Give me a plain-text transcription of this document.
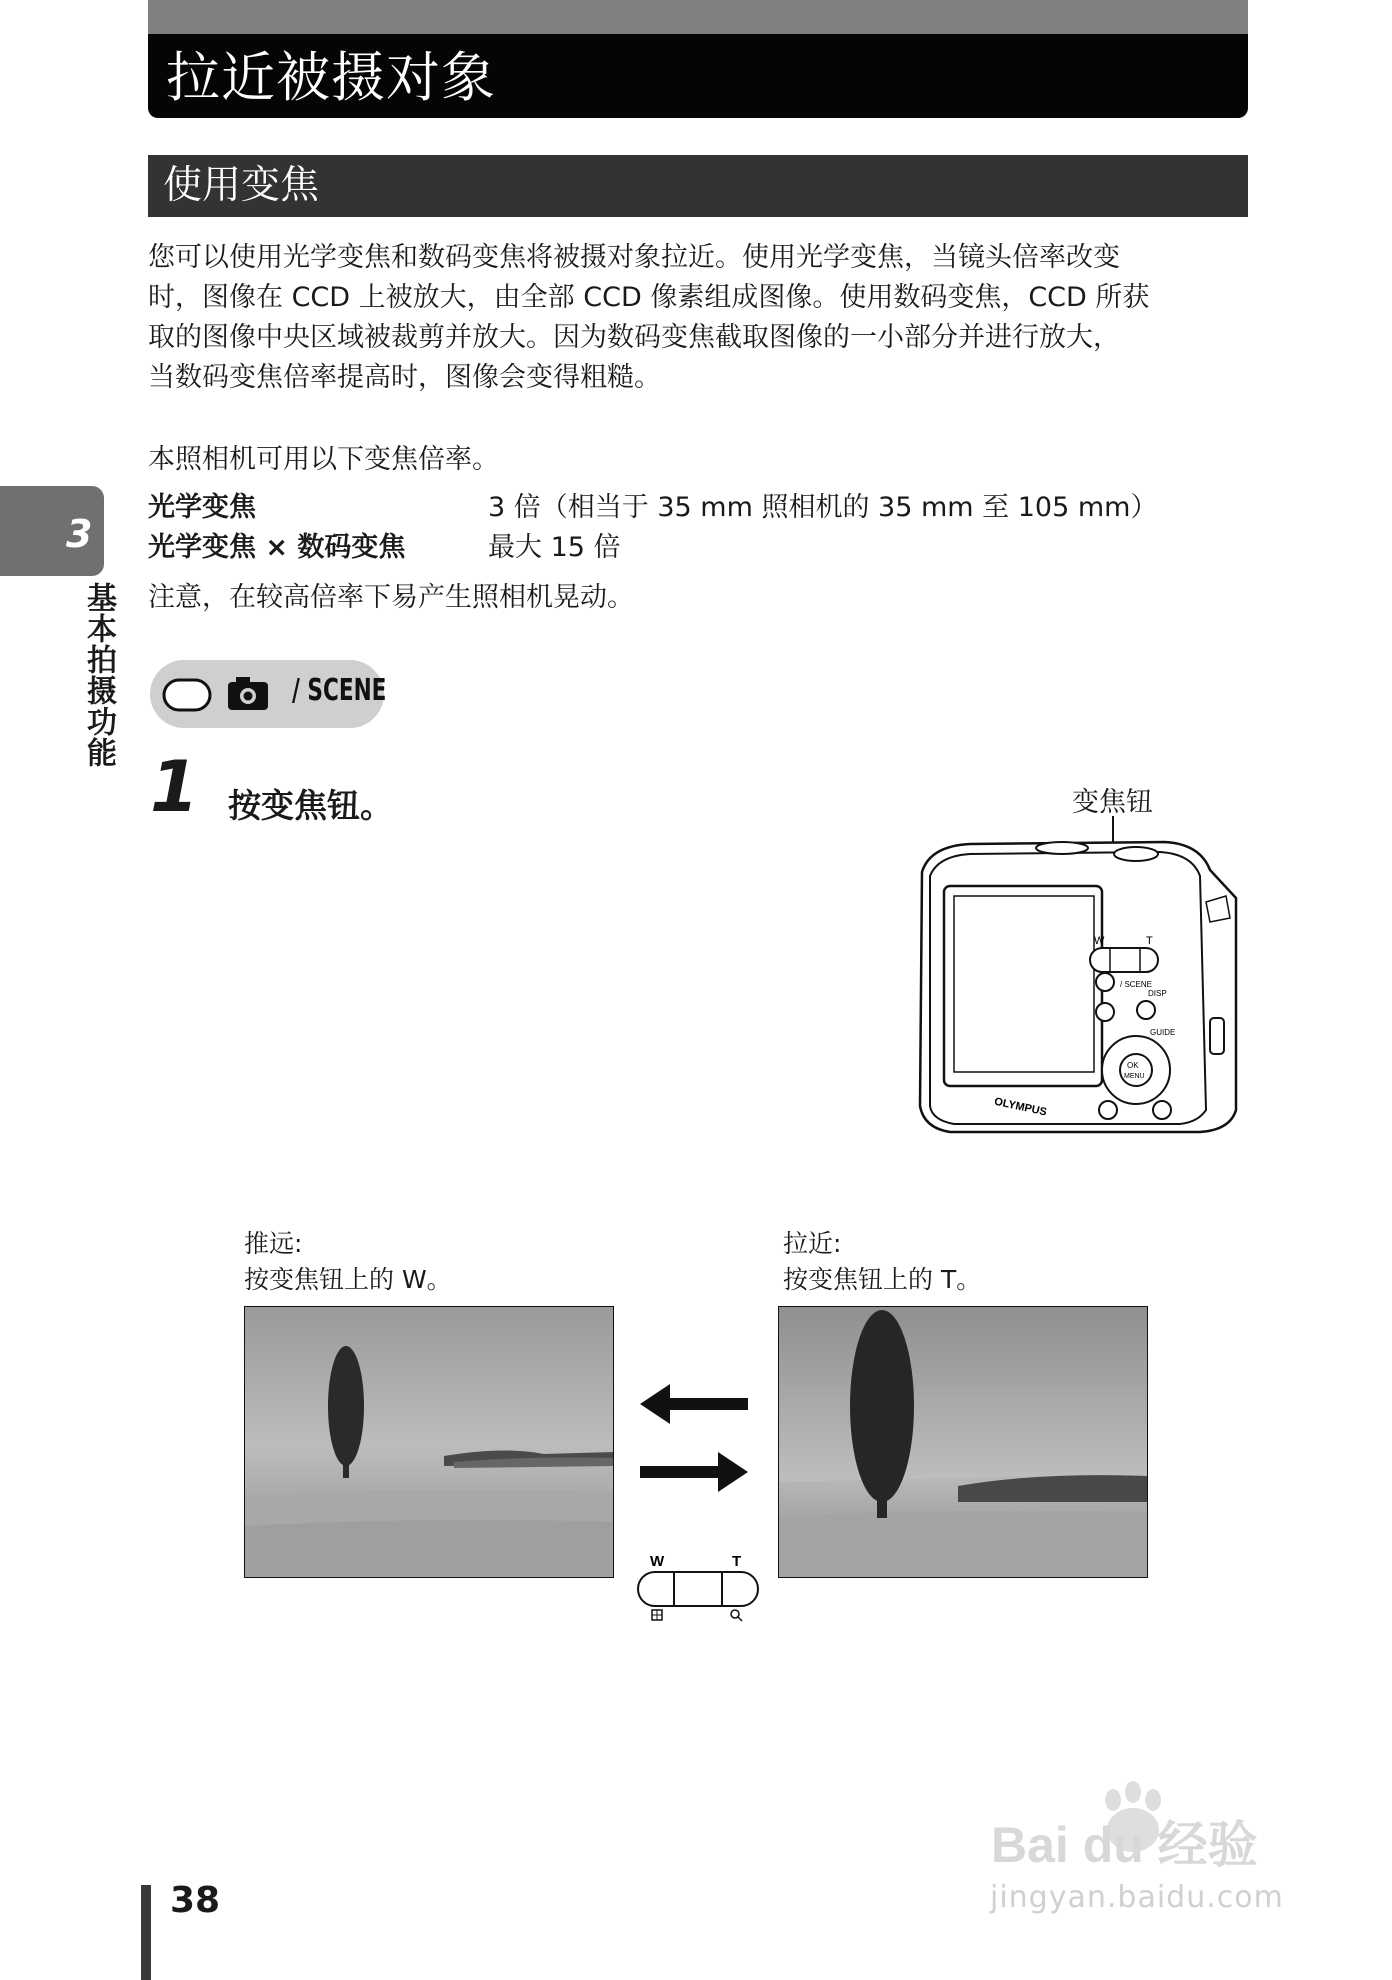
拉近被摄对象
使用变焦

您可以使用光学变焦和数码变焦将被摄对象拉近。使用光学变焦，当镜头倍率改变

时，图像在 CCD 上被放大，由全部 CCD 像素组成图像。使用数码变焦，CCD 所获

取的图像中央区域被裁剪并放大。因为数码变焦截取图像的一小部分并进行放大，

当数码变焦倍率提高时，图像会变得粗糙。

本照相机可用以下变焦倍率。
光学变焦	3 倍（相当于 35 mm 照相机的 35 mm 至 105 mm）
光学变焦 × 数码变焦	最大 15 倍
注意，在较高倍率下易产生照相机晃动。
3
基本拍摄功能	/ SCENE
1 按变焦钮。	变焦钮
OLYMPUS
W	T
/ SCENE
DISP
GUIDE
OK
MENU

推远:

按变焦钮上的 W。

拉近:

按变焦钮上的 T。

W	T
38
Bai du 经验
jingyan.baidu.com
